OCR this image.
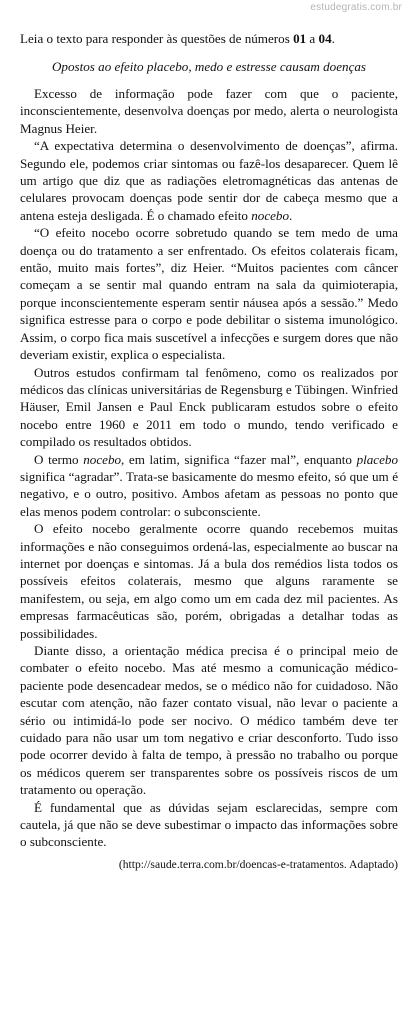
estudegratis.com.br

Leia o texto para responder às questões de números 01 a 04.

Opostos ao efeito placebo, medo e estresse causam doenças

Excesso de informação pode fazer com que o paciente, inconscientemente, desenvolva doenças por medo, alerta o neurologista Magnus Heier.

“A expectativa determina o desenvolvimento de doenças”, afirma. Segundo ele, podemos criar sintomas ou fazê-los desaparecer. Quem lê um artigo que diz que as radiações eletromagnéticas das antenas de celulares provocam doenças pode sentir dor de cabeça mesmo que a antena esteja desligada. É o chamado efeito nocebo.

“O efeito nocebo ocorre sobretudo quando se tem medo de uma doença ou do tratamento a ser enfrentado. Os efeitos colaterais ficam, então, muito mais fortes”, diz Heier. “Muitos pacientes com câncer começam a se sentir mal quando entram na sala da quimioterapia, porque inconscientemente esperam sentir náusea após a sessão.” Medo significa estresse para o corpo e pode debilitar o sistema imunológico. Assim, o corpo fica mais suscetível a infecções e surgem dores que não deveriam existir, explica o especialista.

Outros estudos confirmam tal fenômeno, como os realizados por médicos das clínicas universitárias de Regensburg e Tübingen. Winfried Häuser, Emil Jansen e Paul Enck publicaram estudos sobre o efeito nocebo entre 1960 e 2011 em todo o mundo, tendo verificado e compilado os resultados obtidos.

O termo nocebo, em latim, significa “fazer mal”, enquanto placebo significa “agradar”. Trata-se basicamente do mesmo efeito, só que um é negativo, e o outro, positivo. Ambos afetam as pessoas no ponto que elas menos podem controlar: o subconsciente.

O efeito nocebo geralmente ocorre quando recebemos muitas informações e não conseguimos ordená-las, especialmente ao buscar na internet por doenças e sintomas. Já a bula dos remédios lista todos os possíveis efeitos colaterais, mesmo que alguns raramente se manifestem, ou seja, em algo como um em cada dez mil pacientes. As empresas farmacêuticas são, porém, obrigadas a detalhar todas as possibilidades.

Diante disso, a orientação médica precisa é o principal meio de combater o efeito nocebo. Mas até mesmo a comunicação médico-paciente pode desencadear medos, se o médico não for cuidadoso. Não escutar com atenção, não fazer contato visual, não levar o paciente a sério ou intimidá-lo pode ser nocivo. O médico também deve ter cuidado para não usar um tom negativo e criar desconforto. Tudo isso pode ocorrer devido à falta de tempo, à pressão no trabalho ou porque os médicos querem ser transparentes sobre os possíveis riscos de um tratamento ou operação.

É fundamental que as dúvidas sejam esclarecidas, sempre com cautela, já que não se deve subestimar o impacto das informações sobre o subconsciente.

(http://saude.terra.com.br/doencas-e-tratamentos. Adaptado)
